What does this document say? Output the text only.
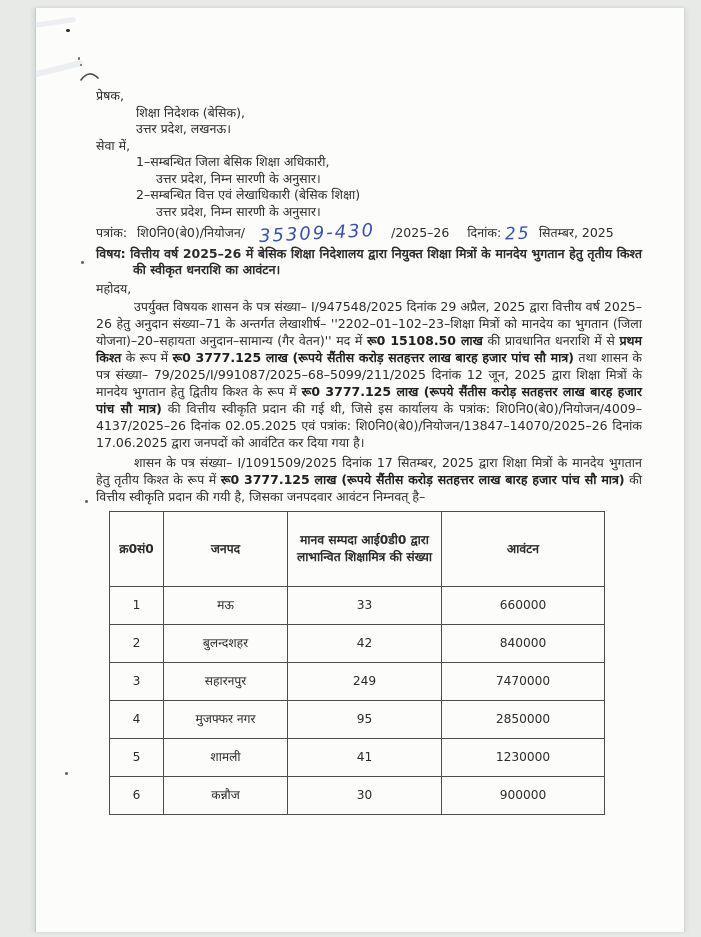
प्रेषक,
शिक्षा निदेशक (बेसिक),
उत्तर प्रदेश, लखनऊ।
सेवा में,
1–सम्बन्धित जिला बेसिक शिक्षा अधिकारी,
उत्तर प्रदेश, निम्न सारणी के अनुसार।
2–सम्बन्धित वित्त एवं लेखाधिकारी (बेसिक शिक्षा)
उत्तर प्रदेश, निम्न सारणी के अनुसार।
पत्रांक: शि0नि0(बे0)/नियोजन/ 35309-430 /2025–26 दिनांक: 25 सितम्बर, 2025
विषय: वित्तीय वर्ष 2025–26 में बेसिक शिक्षा निदेशालय द्वारा नियुक्त शिक्षा मित्रों के मानदेय भुगतान हेतु तृतीय किश्त की स्वीकृत धनराशि का आवंटन।
महोदय,

उपर्युक्त विषयक शासन के पत्र संख्या– I/947548/2025 दिनांक 29 अप्रैल, 2025 द्वारा वित्तीय वर्ष 2025–26 हेतु अनुदान संख्या–71 के अन्तर्गत लेखाशीर्ष– ''2202–01–102–23–शिक्षा मित्रों को मानदेय का भुगतान (जिला योजना)–20–सहायता अनुदान–सामान्य (गैर वेतन)'' मद में रू0 15108.50 लाख की प्रावधानित धनराशि में से प्रथम किश्त के रूप में रू0 3777.125 लाख (रूपये सैंतीस करोड़ सतहत्तर लाख बारह हजार पांच सौ मात्र) तथा शासन के पत्र संख्या– 79/2025/I/991087/2025–68–5099/211/2025 दिनांक 12 जून, 2025 द्वारा शिक्षा मित्रों के मानदेय भुगतान हेतु द्वितीय किश्त के रूप में रू0 3777.125 लाख (रूपये सैंतीस करोड़ सतहत्तर लाख बारह हजार पांच सौ मात्र) की वित्तीय स्वीकृति प्रदान की गई थी, जिसे इस कार्यालय के पत्रांक: शि0नि0(बे0)/नियोजन/4009–4137/2025–26 दिनांक 02.05.2025 एवं पत्रांक: शि0नि0(बे0)/नियोजन/13847–14070/2025–26 दिनांक 17.06.2025 द्वारा जनपदों को आवंटित कर दिया गया है।

शासन के पत्र संख्या– I/1091509/2025 दिनांक 17 सितम्बर, 2025 द्वारा शिक्षा मित्रों के मानदेय भुगतान हेतु तृतीय किश्त के रूप में रू0 3777.125 लाख (रूपये सैंतीस करोड़ सतहत्तर लाख बारह हजार पांच सौ मात्र) की वित्तीय स्वीकृति प्रदान की गयी है, जिसका जनपदवार आवंटन निम्नवत् है–

क्र0सं0	जनपद	मानव सम्पदा आई0डी0 द्वारा लाभान्वित शिक्षामित्र की संख्या	आवंटन
1	मऊ	33	660000
2	बुलन्दशहर	42	840000
3	सहारनपुर	249	7470000
4	मुजफ्फर नगर	95	2850000
5	शामली	41	1230000
6	कन्नौज	30	900000
